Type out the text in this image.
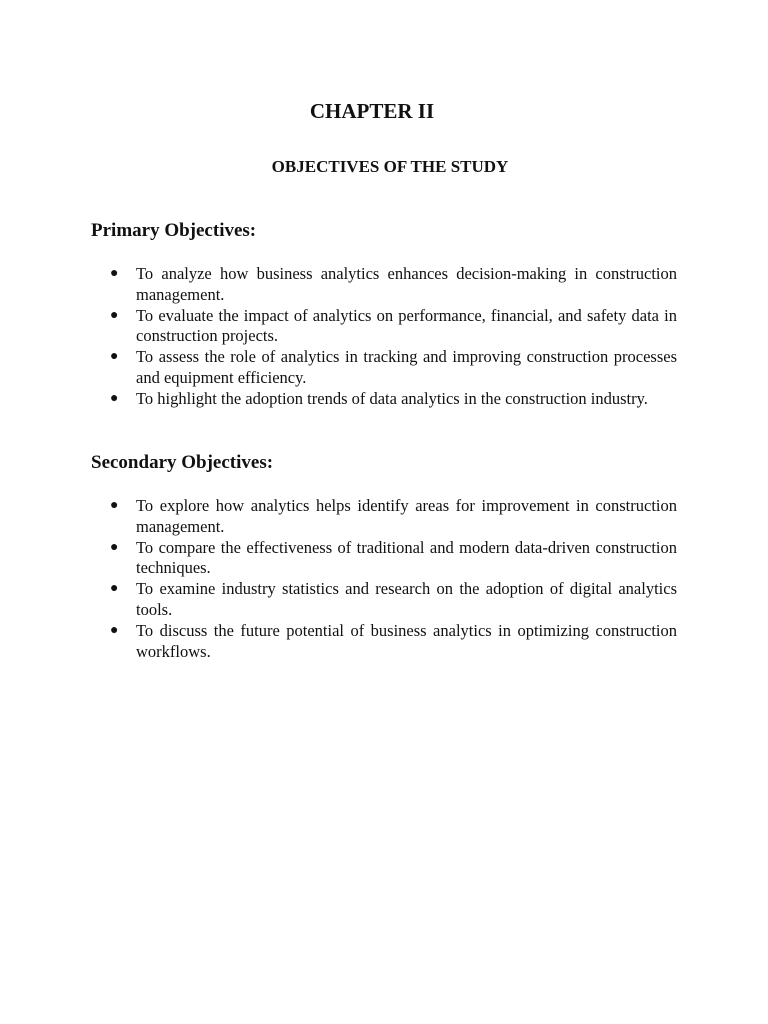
CHAPTER II
OBJECTIVES OF THE STUDY
Primary Objectives:
●	To analyze how business analytics enhances decision-making in construction management.
●	To evaluate the impact of analytics on performance, financial, and safety data in construction projects.
●	To assess the role of analytics in tracking and improving construction processes and equipment efficiency.
●	To highlight the adoption trends of data analytics in the construction industry.
Secondary Objectives:
●	To explore how analytics helps identify areas for improvement in construction management.
●	To compare the effectiveness of traditional and modern data-driven construction techniques.
●	To examine industry statistics and research on the adoption of digital analytics tools.
●	To discuss the future potential of business analytics in optimizing construction workflows.
